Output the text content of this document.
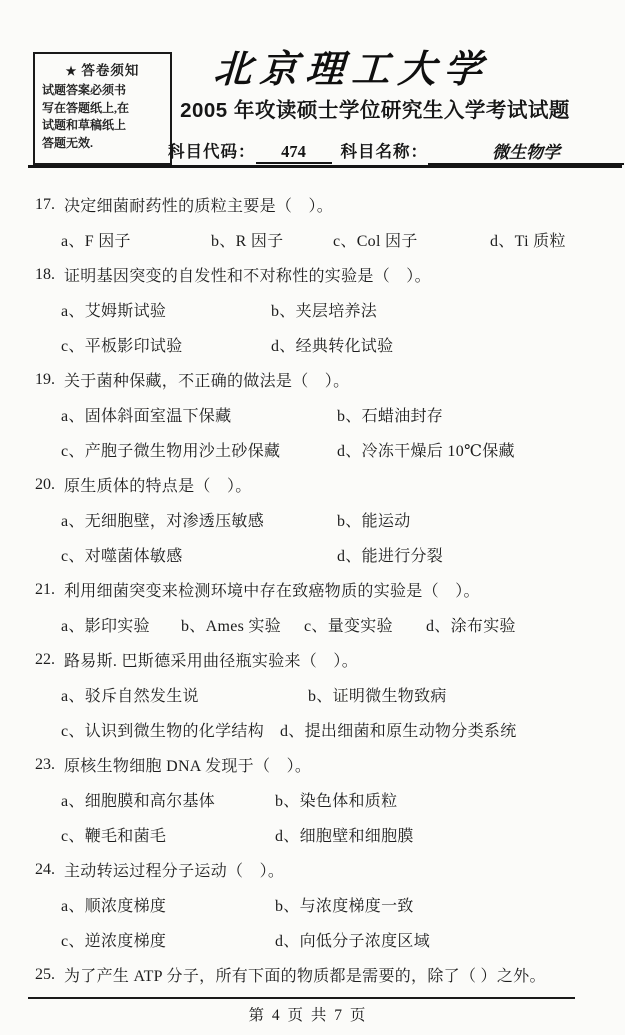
★ 答卷须知
试题答案必须书
写在答题纸上,在
试题和草稿纸上
答题无效.
北京理工大学
2005 年攻读硕士学位研究生入学考试试题
科目代码： 474 科目名称：	微生物学
17. 决定细菌耐药性的质粒主要是（　）。
a、F 因子	b、R 因子	c、Col 因子	d、Ti 质粒
18. 证明基因突变的自发性和不对称性的实验是（　）。
a、艾姆斯试验	b、夹层培养法
c、平板影印试验	d、经典转化试验
19. 关于菌种保藏，不正确的做法是（　）。
a、固体斜面室温下保藏	b、石蜡油封存
c、产胞子微生物用沙土砂保藏	d、冷冻干燥后 10℃保藏
20. 原生质体的特点是（　）。
a、无细胞壁，对渗透压敏感	b、能运动
c、对噬菌体敏感	d、能进行分裂
21. 利用细菌突变来检测环境中存在致癌物质的实验是（　）。
a、影印实验	b、Ames 实验	c、量变实验	d、涂布实验
22. 路易斯. 巴斯德采用曲径瓶实验来（　）。
a、驳斥自然发生说	b、证明微生物致病
c、认识到微生物的化学结构 d、提出细菌和原生动物分类系统
23. 原核生物细胞 DNA 发现于（　）。
a、细胞膜和高尔基体	b、染色体和质粒
c、鞭毛和菌毛	d、细胞壁和细胞膜
24. 主动转运过程分子运动（　）。
a、顺浓度梯度	b、与浓度梯度一致
c、逆浓度梯度	d、向低分子浓度区域
25. 为了产生 ATP 分子，所有下面的物质都是需要的，除了（ ）之外。
第 4 页 共 7 页
